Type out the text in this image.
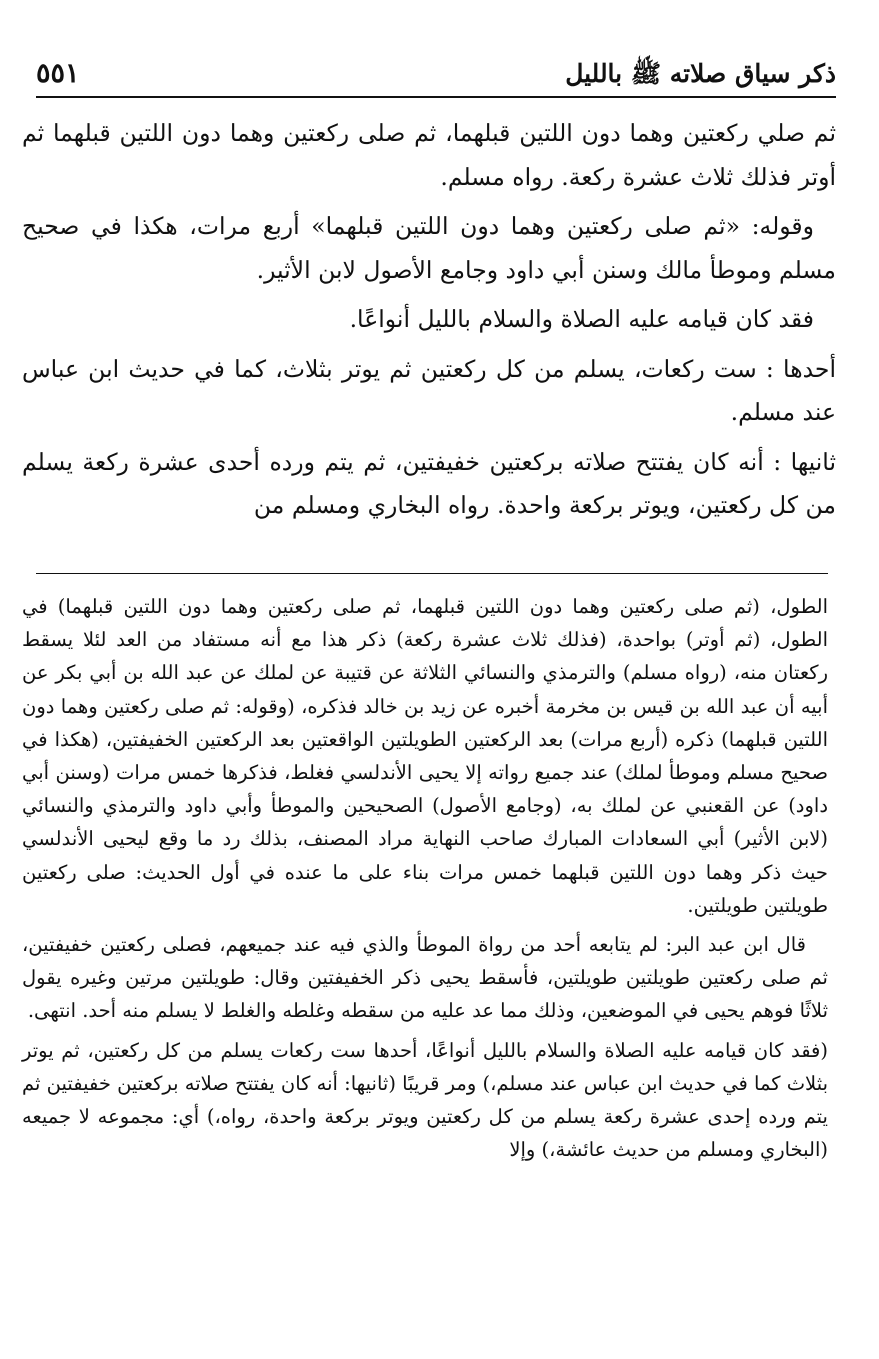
ذكر سياق صلاته ﷺ بالليل
٥٥١

ثم صلي ركعتين وهما دون اللتين قبلهما، ثم صلى ركعتين وهما دون اللتين قبلهما ثم أوتر فذلك ثلاث عشرة ركعة. رواه مسلم.

وقوله: «ثم صلى ركعتين وهما دون اللتين قبلهما» أربع مرات، هكذا في صحيح مسلم وموطأ مالك وسنن أبي داود وجامع الأصول لابن الأثير.

فقد كان قيامه عليه الصلاة والسلام بالليل أنواعًا.

أحدها : ست ركعات، يسلم من كل ركعتين ثم يوتر بثلاث، كما في حديث ابن عباس عند مسلم.

ثانيها : أنه كان يفتتح صلاته بركعتين خفيفتين، ثم يتم ورده أحدى عشرة ركعة يسلم من كل ركعتين، ويوتر بركعة واحدة. رواه البخاري ومسلم من

الطول، (ثم صلى ركعتين وهما دون اللتين قبلهما، ثم صلى ركعتين وهما دون اللتين قبلهما) في الطول، (ثم أوتر) بواحدة، (فذلك ثلاث عشرة ركعة) ذكر هذا مع أنه مستفاد من العد لئلا يسقط ركعتان منه، (رواه مسلم) والترمذي والنسائي الثلاثة عن قتيبة عن لملك عن عبد الله بن أبي بكر عن أبيه أن عبد الله بن قيس بن مخرمة أخبره عن زيد بن خالد فذكره، (وقوله: ثم صلى ركعتين وهما دون اللتين قبلهما) ذكره (أربع مرات) بعد الركعتين الطويلتين الواقعتين بعد الركعتين الخفيفتين، (هكذا في صحيح مسلم وموطأ لملك) عند جميع رواته إلا يحيى الأندلسي فغلط، فذكرها خمس مرات (وسنن أبي داود) عن القعنبي عن لملك به، (وجامع الأصول) الصحيحين والموطأ وأبي داود والترمذي والنسائي (لابن الأثير) أبي السعادات المبارك صاحب النهاية مراد المصنف، بذلك رد ما وقع ليحيى الأندلسي حيث ذكر وهما دون اللتين قبلهما خمس مرات بناء على ما عنده في أول الحديث: صلى ركعتين طويلتين طويلتين.

قال ابن عبد البر: لم يتابعه أحد من رواة الموطأ والذي فيه عند جميعهم، فصلى ركعتين خفيفتين، ثم صلى ركعتين طويلتين طويلتين، فأسقط يحيى ذكر الخفيفتين وقال: طويلتين مرتين وغيره يقول ثلاثًا فوهم يحيى في الموضعين، وذلك مما عد عليه من سقطه وغلطه والغلط لا يسلم منه أحد. انتهى.

(فقد كان قيامه عليه الصلاة والسلام بالليل أنواعًا، أحدها ست ركعات يسلم من كل ركعتين، ثم يوتر بثلاث كما في حديث ابن عباس عند مسلم،) ومر قريبًا (ثانيها: أنه كان يفتتح صلاته بركعتين خفيفتين ثم يتم ورده إحدى عشرة ركعة يسلم من كل ركعتين ويوتر بركعة واحدة، رواه،) أي: مجموعه لا جميعه (البخاري ومسلم من حديث عائشة،) وإلا
